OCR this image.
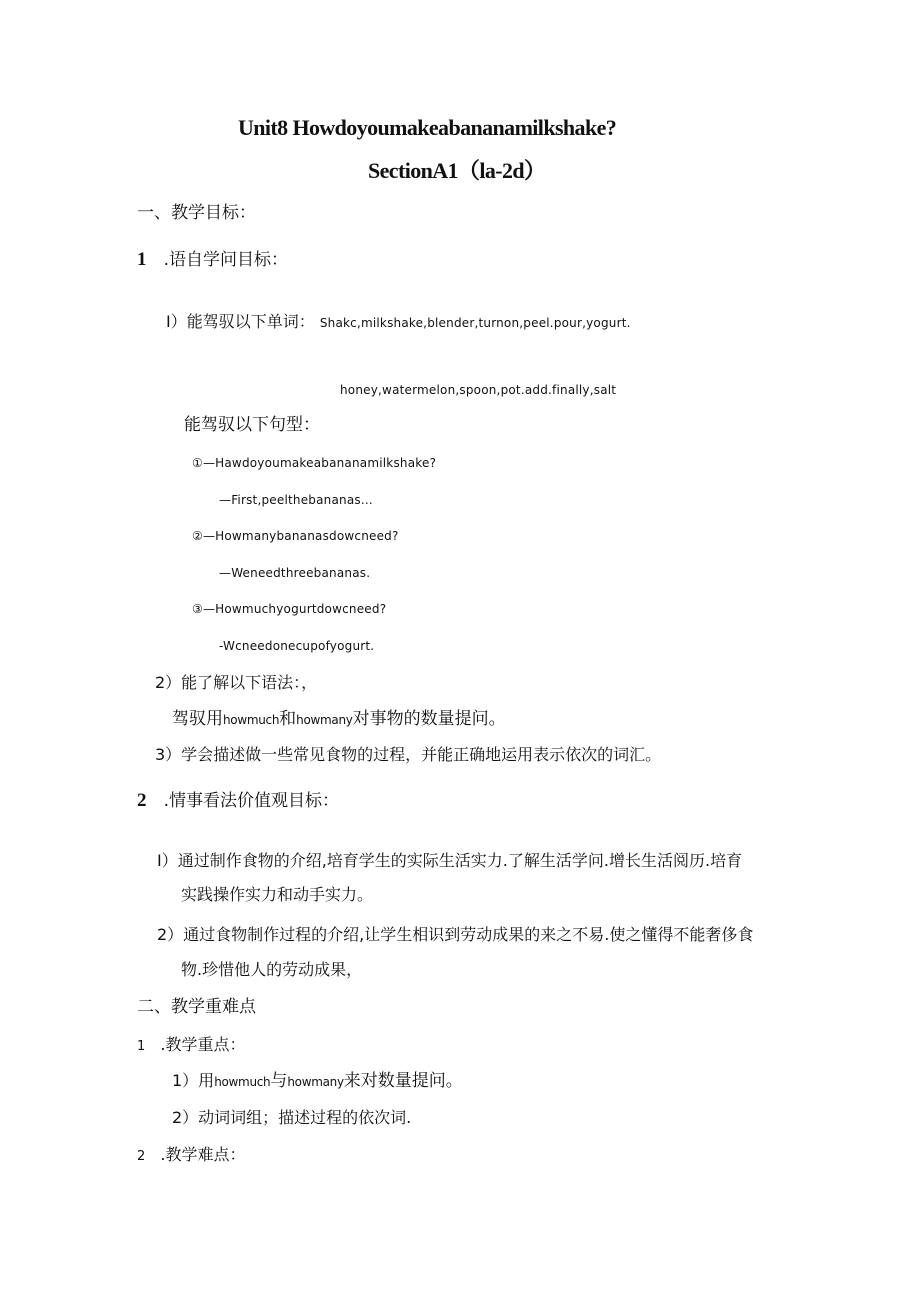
Unit8 Howdoyoumakeabananamilkshake?
SectionA1（la-2d）
一、教学目标：
1 .语自学问目标：
I）能驾驭以下单词： Shakc,milkshake,blender,turnon,peel.pour,yogurt.
honey,watermelon,spoon,pot.add.finally,salt
能驾驭以下句型：
①—Hawdoyoumakeabananamilkshake?
—First,peelthebananas...
②—Howmanybananasdowcneed?
—Weneedthreebananas.
③—Howmuchyogurtdowcneed?
-Wcneedonecupofyogurt.
2）能了解以下语法：，
驾驭用howmuch和howmany对事物的数量提问。
3）学会描述做一些常见食物的过程，并能正确地运用表示依次的词汇。
2 .情事看法价值观目标：
I）通过制作食物的介绍,培育学生的实际生活实力.了解生活学问.增长生活阅历.培育
实践操作实力和动手实力。
2）通过食物制作过程的介绍,让学生相识到劳动成果的来之不易.使之懂得不能奢侈食
物.珍惜他人的劳动成果，
二、教学重难点
1 .教学重点：
1）用howmuch与howmany来对数量提问。
2）动词词组；描述过程的依次词.
2 .教学难点：
